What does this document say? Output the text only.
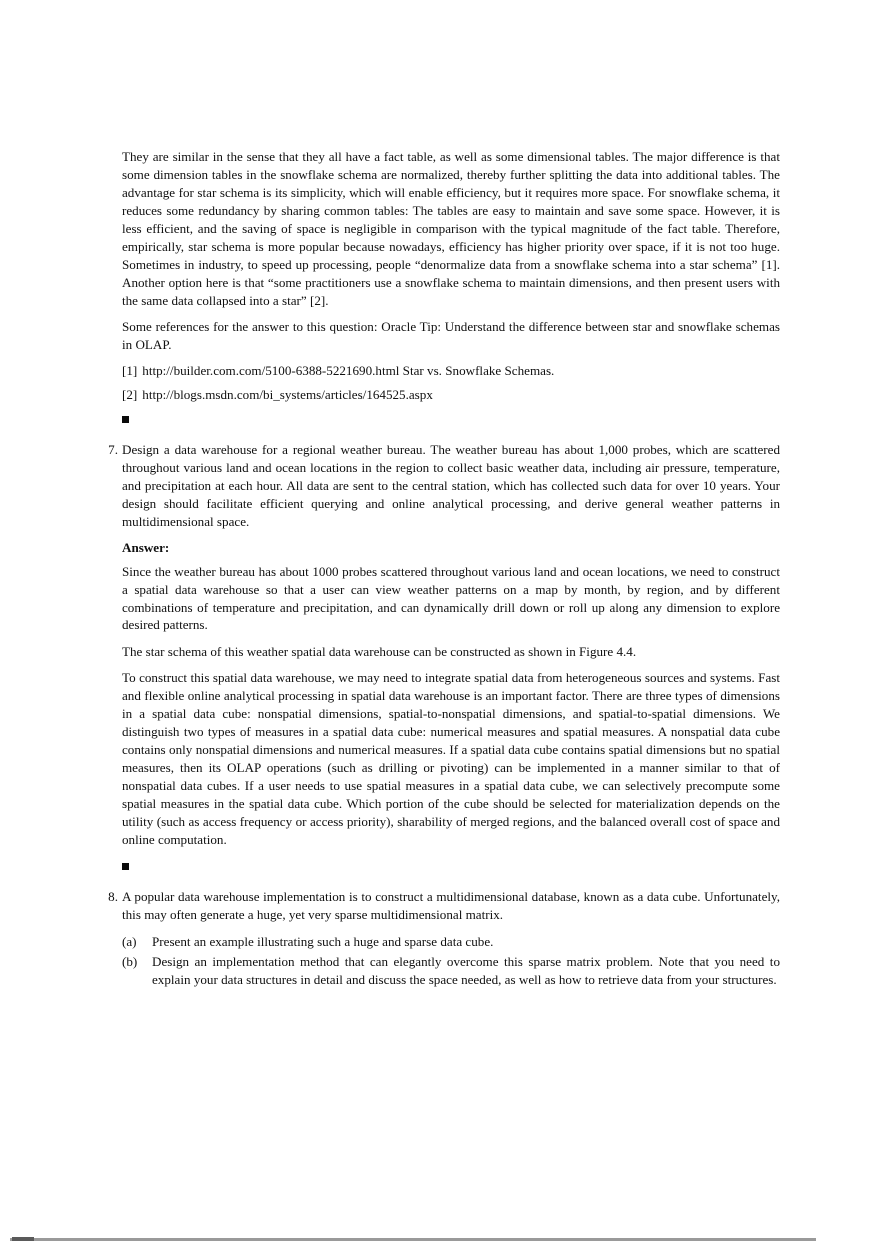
They are similar in the sense that they all have a fact table, as well as some dimensional tables. The major difference is that some dimension tables in the snowflake schema are normalized, thereby further splitting the data into additional tables. The advantage for star schema is its simplicity, which will enable efficiency, but it requires more space. For snowflake schema, it reduces some redundancy by sharing common tables: The tables are easy to maintain and save some space. However, it is less efficient, and the saving of space is negligible in comparison with the typical magnitude of the fact table. Therefore, empirically, star schema is more popular because nowadays, efficiency has higher priority over space, if it is not too huge. Sometimes in industry, to speed up processing, people “denormalize data from a snowflake schema into a star schema” [1]. Another option here is that “some practitioners use a snowflake schema to maintain dimensions, and then present users with the same data collapsed into a star” [2].
Some references for the answer to this question: Oracle Tip: Understand the difference between star and snowflake schemas in OLAP.
[1] http://builder.com.com/5100-6388-5221690.html Star vs. Snowflake Schemas.
[2] http://blogs.msdn.com/bi_systems/articles/164525.aspx
7. Design a data warehouse for a regional weather bureau. The weather bureau has about 1,000 probes, which are scattered throughout various land and ocean locations in the region to collect basic weather data, including air pressure, temperature, and precipitation at each hour. All data are sent to the central station, which has collected such data for over 10 years. Your design should facilitate efficient querying and online analytical processing, and derive general weather patterns in multidimensional space.
Answer:
Since the weather bureau has about 1000 probes scattered throughout various land and ocean locations, we need to construct a spatial data warehouse so that a user can view weather patterns on a map by month, by region, and by different combinations of temperature and precipitation, and can dynamically drill down or roll up along any dimension to explore desired patterns.
The star schema of this weather spatial data warehouse can be constructed as shown in Figure 4.4.
To construct this spatial data warehouse, we may need to integrate spatial data from heterogeneous sources and systems. Fast and flexible online analytical processing in spatial data warehouse is an important factor. There are three types of dimensions in a spatial data cube: nonspatial dimensions, spatial-to-nonspatial dimensions, and spatial-to-spatial dimensions. We distinguish two types of measures in a spatial data cube: numerical measures and spatial measures. A nonspatial data cube contains only nonspatial dimensions and numerical measures. If a spatial data cube contains spatial dimensions but no spatial measures, then its OLAP operations (such as drilling or pivoting) can be implemented in a manner similar to that of nonspatial data cubes. If a user needs to use spatial measures in a spatial data cube, we can selectively precompute some spatial measures in the spatial data cube. Which portion of the cube should be selected for materialization depends on the utility (such as access frequency or access priority), sharability of merged regions, and the balanced overall cost of space and online computation.
8. A popular data warehouse implementation is to construct a multidimensional database, known as a data cube. Unfortunately, this may often generate a huge, yet very sparse multidimensional matrix.
(a)	Present an example illustrating such a huge and sparse data cube.
(b)	Design an implementation method that can elegantly overcome this sparse matrix problem. Note that you need to explain your data structures in detail and discuss the space needed, as well as how to retrieve data from your structures.
